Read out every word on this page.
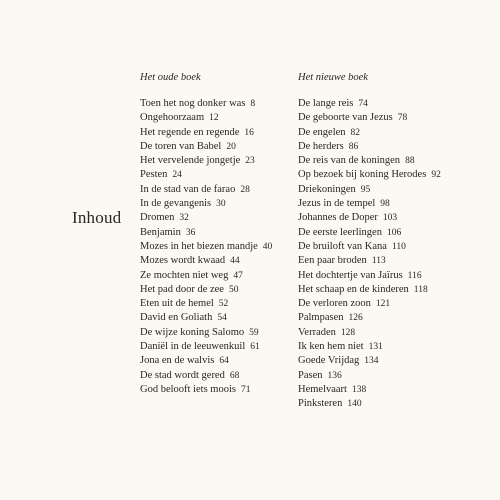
Inhoud
Het oude boek
Toen het nog donker was 8
Ongehoorzaam 12
Het regende en regende 16
De toren van Babel 20
Het vervelende jongetje 23
Pesten 24
In de stad van de farao 28
In de gevangenis 30
Dromen 32
Benjamin 36
Mozes in het biezen mandje 40
Mozes wordt kwaad 44
Ze mochten niet weg 47
Het pad door de zee 50
Eten uit de hemel 52
David en Goliath 54
De wijze koning Salomo 59
Daniël in de leeuwenkuil 61
Jona en de walvis 64
De stad wordt gered 68
God belooft iets moois 71
Het nieuwe boek
De lange reis 74
De geboorte van Jezus 78
De engelen 82
De herders 86
De reis van de koningen 88
Op bezoek bij koning Herodes 92
Driekoningen 95
Jezus in de tempel 98
Johannes de Doper 103
De eerste leerlingen 106
De bruiloft van Kana 110
Een paar broden 113
Het dochtertje van Jaïrus 116
Het schaap en de kinderen 118
De verloren zoon 121
Palmpasen 126
Verraden 128
Ik ken hem niet 131
Goede Vrijdag 134
Pasen 136
Hemelvaart 138
Pinksteren 140
